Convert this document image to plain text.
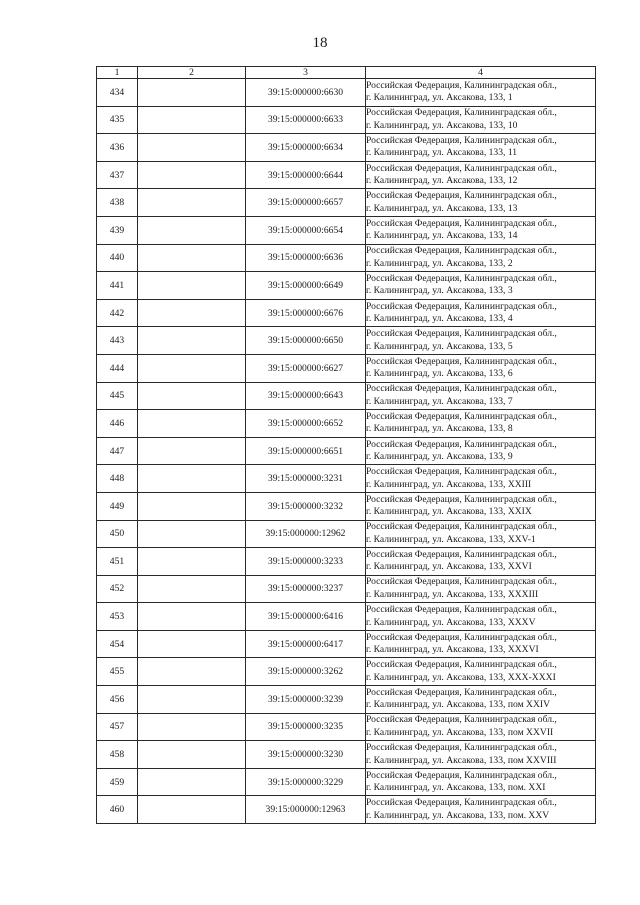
18
1	2	3	4
434		39:15:000000:6630	Российская Федерация, Калининградская обл.,
г. Калининград, ул. Аксакова, 133, 1

435		39:15:000000:6633	Российская Федерация, Калининградская обл.,
г. Калининград, ул. Аксакова, 133, 10

436		39:15:000000:6634	Российская Федерация, Калининградская обл.,
г. Калининград, ул. Аксакова, 133, 11

437		39:15:000000:6644	Российская Федерация, Калининградская обл.,
г. Калининград, ул. Аксакова, 133, 12

438		39:15:000000:6657	Российская Федерация, Калининградская обл.,
г. Калининград, ул. Аксакова, 133, 13

439		39:15:000000:6654	Российская Федерация, Калининградская обл.,
г. Калининград, ул. Аксакова, 133, 14

440		39:15:000000:6636	Российская Федерация, Калининградская обл.,
г. Калининград, ул. Аксакова, 133, 2

441		39:15:000000:6649	Российская Федерация, Калининградская обл.,
г. Калининград, ул. Аксакова, 133, 3

442		39:15:000000:6676	Российская Федерация, Калининградская обл.,
г. Калининград, ул. Аксакова, 133, 4

443		39:15:000000:6650	Российская Федерация, Калининградская обл.,
г. Калининград, ул. Аксакова, 133, 5

444		39:15:000000:6627	Российская Федерация, Калининградская обл.,
г. Калининград, ул. Аксакова, 133, 6

445		39:15:000000:6643	Российская Федерация, Калининградская обл.,
г. Калининград, ул. Аксакова, 133, 7

446		39:15:000000:6652	Российская Федерация, Калининградская обл.,
г. Калининград, ул. Аксакова, 133, 8

447		39:15:000000:6651	Российская Федерация, Калининградская обл.,
г. Калининград, ул. Аксакова, 133, 9

448		39:15:000000:3231	Российская Федерация, Калининградская обл.,
г. Калининград, ул. Аксакова, 133, XXIII

449		39:15:000000:3232	Российская Федерация, Калининградская обл.,
г. Калининград, ул. Аксакова, 133, XXIX

450		39:15:000000:12962	Российская Федерация, Калининградская обл.,
г. Калининград, ул. Аксакова, 133, XXV-1

451		39:15:000000:3233	Российская Федерация, Калининградская обл.,
г. Калининград, ул. Аксакова, 133, XXVI

452		39:15:000000:3237	Российская Федерация, Калининградская обл.,
г. Калининград, ул. Аксакова, 133, XXXIII

453		39:15:000000:6416	Российская Федерация, Калининградская обл.,
г. Калининград, ул. Аксакова, 133, XXXV

454		39:15:000000:6417	Российская Федерация, Калининградская обл.,
г. Калининград, ул. Аксакова, 133, XXXVI

455		39:15:000000:3262	Российская Федерация, Калининградская обл.,
г. Калининград, ул. Аксакова, 133, XXX-XXXI

456		39:15:000000:3239	Российская Федерация, Калининградская обл.,
г. Калининград, ул. Аксакова, 133, пом XXIV

457		39:15:000000:3235	Российская Федерация, Калининградская обл.,
г. Калининград, ул. Аксакова, 133, пом XXVII

458		39:15:000000:3230	Российская Федерация, Калининградская обл.,
г. Калининград, ул. Аксакова, 133, пом XXVIII

459		39:15:000000:3229	Российская Федерация, Калининградская обл.,
г. Калининград, ул. Аксакова, 133, пом. XXI

460		39:15:000000:12963	Российская Федерация, Калининградская обл.,
г. Калининград, ул. Аксакова, 133, пом. XXV
